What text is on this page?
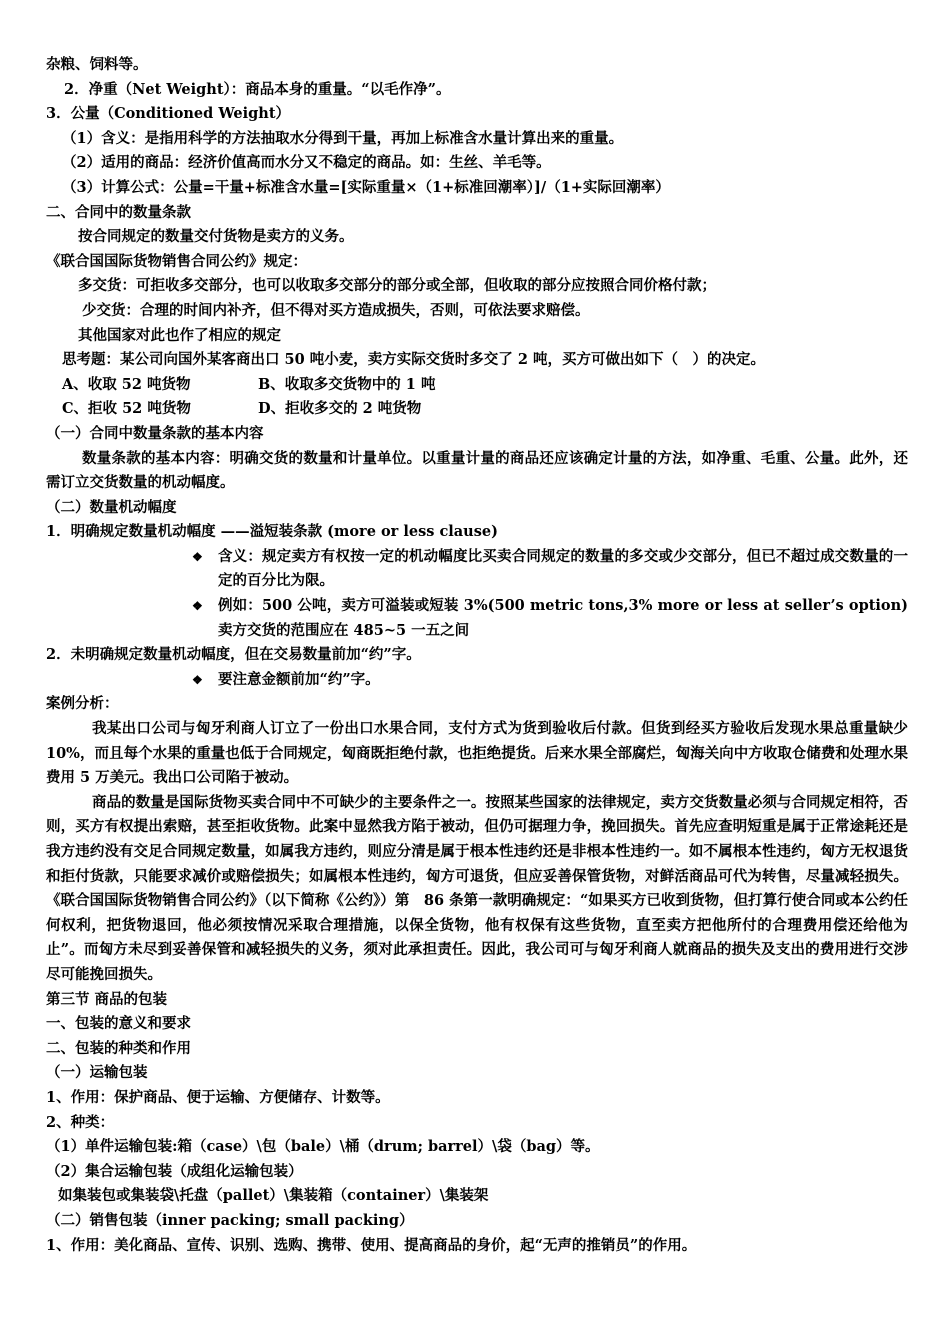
杂粮、饲料等。
2．净重（Net Weight）：商品本身的重量。“以毛作净”。
3．公量（Conditioned Weight）
（1）含义：是指用科学的方法抽取水分得到干量，再加上标准含水量计算出来的重量。
（2）适用的商品：经济价值高而水分又不稳定的商品。如：生丝、羊毛等。
（3）计算公式：公量=干量+标准含水量=[实际重量×（1+标准回潮率）]/（1+实际回潮率）
二、合同中的数量条款
按合同规定的数量交付货物是卖方的义务。
《联合国国际货物销售合同公约》规定：
多交货：可拒收多交部分，也可以收取多交部分的部分或全部，但收取的部分应按照合同价格付款；
少交货：合理的时间内补齐，但不得对买方造成损失，否则，可依法要求赔偿。
其他国家对此也作了相应的规定
思考题：某公司向国外某客商出口 50 吨小麦，卖方实际交货时多交了 2 吨，买方可做出如下（　）的决定。
A、收取 52 吨货物	B、收取多交货物中的 1 吨
C、拒收 52 吨货物	D、拒收多交的 2 吨货物
（一）合同中数量条款的基本内容
数量条款的基本内容：明确交货的数量和计量单位。以重量计量的商品还应该确定计量的方法，如净重、毛重、公量。此外，还需订立交货数量的机动幅度。
（二）数量机动幅度
1．明确规定数量机动幅度 ——溢短装条款 (more or less clause)
❖ 含义：规定卖方有权按一定的机动幅度比买卖合同规定的数量的多交或少交部分，但已不超过成交数量的一定的百分比为限。
❖ 例如：500 公吨，卖方可溢装或短装 3%(500 metric tons,3% more or less at seller’s option)卖方交货的范围应在 485~5 一五之间
2．未明确规定数量机动幅度，但在交易数量前加“约”字。
❖ 要注意金额前加“约”字。
案例分析：
我某出口公司与匈牙利商人订立了一份出口水果合同，支付方式为货到验收后付款。但货到经买方验收后发现水果总重量缺少 10%，而且每个水果的重量也低于合同规定，匈商既拒绝付款，也拒绝提货。后来水果全部腐烂，匈海关向中方收取仓储费和处理水果费用 5 万美元。我出口公司陷于被动。
商品的数量是国际货物买卖合同中不可缺少的主要条件之一。按照某些国家的法律规定，卖方交货数量必须与合同规定相符，否则，买方有权提出索赔，甚至拒收货物。此案中显然我方陷于被动，但仍可据理力争，挽回损失。首先应查明短重是属于正常途耗还是我方违约没有交足合同规定数量，如属我方违约，则应分清是属于根本性违约还是非根本性违约一。如不属根本性违约，匈方无权退货和拒付货款，只能要求减价或赔偿损失；如属根本性违约，匈方可退货，但应妥善保管货物，对鲜活商品可代为转售，尽量减轻损失。《联合国国际货物销售合同公约》（以下简称《公约》）第　86 条第一款明确规定：“如果买方已收到货物，但打算行使合同或本公约任何权利，把货物退回，他必须按情况采取合理措施，以保全货物，他有权保有这些货物，直至卖方把他所付的合理费用偿还给他为止”。而匈方未尽到妥善保管和减轻损失的义务，须对此承担责任。因此，我公司可与匈牙利商人就商品的损失及支出的费用进行交涉尽可能挽回损失。
第三节 商品的包装
一、包装的意义和要求
二、包装的种类和作用
（一）运输包装
1、作用：保护商品、便于运输、方便储存、计数等。
2、种类：
（1）单件运输包装:箱（case）\包（bale）\桶（drum; barrel）\袋（bag）等。
（2）集合运输包装（成组化运输包装）
如集装包或集装袋\托盘（pallet）\集装箱（container）\集装架
（二）销售包装（inner packing; small packing）
1、作用：美化商品、宣传、识别、选购、携带、使用、提高商品的身价，起“无声的推销员”的作用。
